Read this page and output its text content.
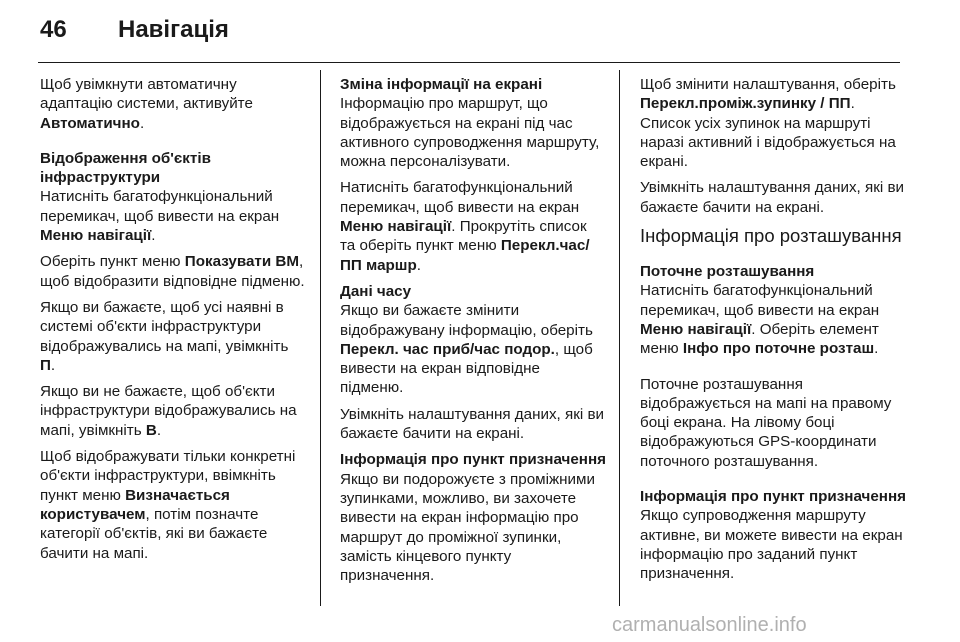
46 Навігація

Щоб увімкнути автоматичну адаптацію системи, активуйте Автоматично.

Відображення об'єктів інфраструктури
Натисніть багатофункціональний перемикач, щоб вивести на екран Меню навігації.

Оберіть пункт меню Показувати ВМ, щоб відобразити відповідне підменю.

Якщо ви бажаєте, щоб усі наявні в системі об'єкти інфраструктури відображувались на мапі, увімкніть П.

Якщо ви не бажаєте, щоб об'єкти інфраструктури відображувались на мапі, увімкніть В.

Щоб відображувати тільки конкретні об'єкти інфраструктури, ввімкніть пункт меню Визначається користувачем, потім позначте категорії об'єктів, які ви бажаєте бачити на мапі.

Зміна інформації на екрані
Інформацію про маршрут, що відображується на екрані під час активного супроводження маршруту, можна персоналізувати.

Натисніть багатофункціональний перемикач, щоб вивести на екран Меню навігації. Прокрутіть список та оберіть пункт меню Перекл.час/ПП маршр.

Дані часу
Якщо ви бажаєте змінити відображувану інформацію, оберіть Перекл. час приб/час подор., щоб вивести на екран відповідне підменю.

Увімкніть налаштування даних, які ви бажаєте бачити на екрані.

Інформація про пункт призначення
Якщо ви подорожуєте з проміжними зупинками, можливо, ви захочете вивести на екран інформацію про маршрут до проміжної зупинки, замість кінцевого пункту призначення.

Щоб змінити налаштування, оберіть Перекл.проміж.зупинку / ПП. Список усіх зупинок на маршруті наразі активний і відображується на екрані.

Увімкніть налаштування даних, які ви бажаєте бачити на екрані.

Інформація про розташування

Поточне розташування
Натисніть багатофункціональний перемикач, щоб вивести на екран Меню навігації. Оберіть елемент меню Інфо про поточне розташ.

Поточне розташування відображується на мапі на правому боці екрана. На лівому боці відображуються GPS-координати поточного розташування.

Інформація про пункт призначення
Якщо супроводження маршруту активне, ви можете вивести на екран інформацію про заданий пункт призначення.

carmanualsonline.info
